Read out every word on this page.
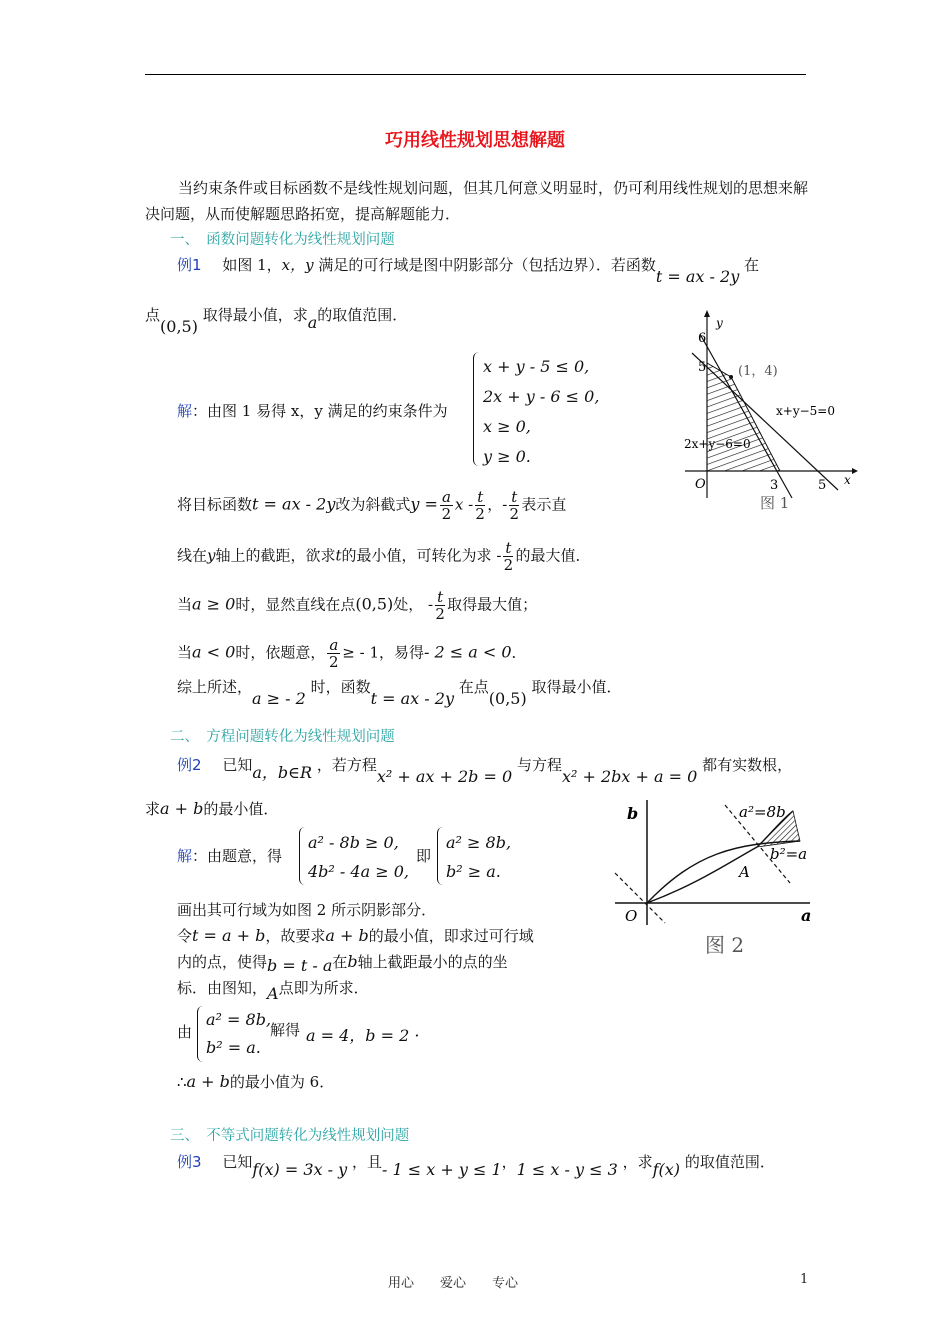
巧用线性规划思想解题
当约束条件或目标函数不是线性规划问题，但其几何意义明显时，仍可利用线性规划的思想来解决问题，从而使解题思路拓宽，提高解题能力．
一、　函数问题转化为线性规划问题
例1 如图 1，x，y 满足的可行域是图中阴影部分（包括边界）．若函数t = ax - 2y 在
点(0,5) 取得最小值，求a的取值范围．
解：由图 1 易得 x，y 满足的约束条件为
x + y - 5 ≤ 0,
2x + y - 6 ≤ 0,
x ≥ 0,
y ≥ 0.
6
5
3	5
y
x
O
(1，4)
x+y−5=0
2x+y−6=0
图 1
将目标函数t = ax - 2y改为斜截式$y = \frac{a}{2}$ x - $\frac{t}{2}$ ，- $\frac{t}{2}$ 表示直
线在y轴上的截距，欲求t的最小值，可转化为求 - $\frac{t}{2}$ 的最大值．
当a ≥ 0时，显然直线在点(0,5)处， - $\frac{t}{2}$ 取得最大值；
当a < 0时，依题意， $\frac{a}{2}$ ≥ - 1，易得- 2 ≤ a < 0．
综上所述，a ≥ - 2 时，函数t = ax - 2y 在点(0,5) 取得最小值．
二、　方程问题转化为线性规划问题
例2 已知a，b∈R ，若方程x² + ax + 2b = 0 与方程x² + 2bx + a = 0 都有实数根，
求a + b的最小值．
解：由题意，得
a² - 8b ≥ 0,
4b² - 4a ≥ 0,
即
a² ≥ 8b,
b² ≥ a.
画出其可行域为如图 2 所示阴影部分．
令t = a + b，故要求a + b的最小值，即求过可行域
内的点，使得b = t - a在b轴上截距最小的点的坐
标．由图知，A点即为所求．
由
a² = 8b,
b² = a.
解得 a = 4，b = 2 ·
∴a + b的最小值为 6．
b
a
O
a²=8b
b²=a
A
图 2
三、　不等式问题转化为线性规划问题
例3 已知f(x) = 3x - y ，且- 1 ≤ x + y ≤ 1，1 ≤ x - y ≤ 3 ，求f(x) 的取值范围．
用心　　爱心　　专心	1
